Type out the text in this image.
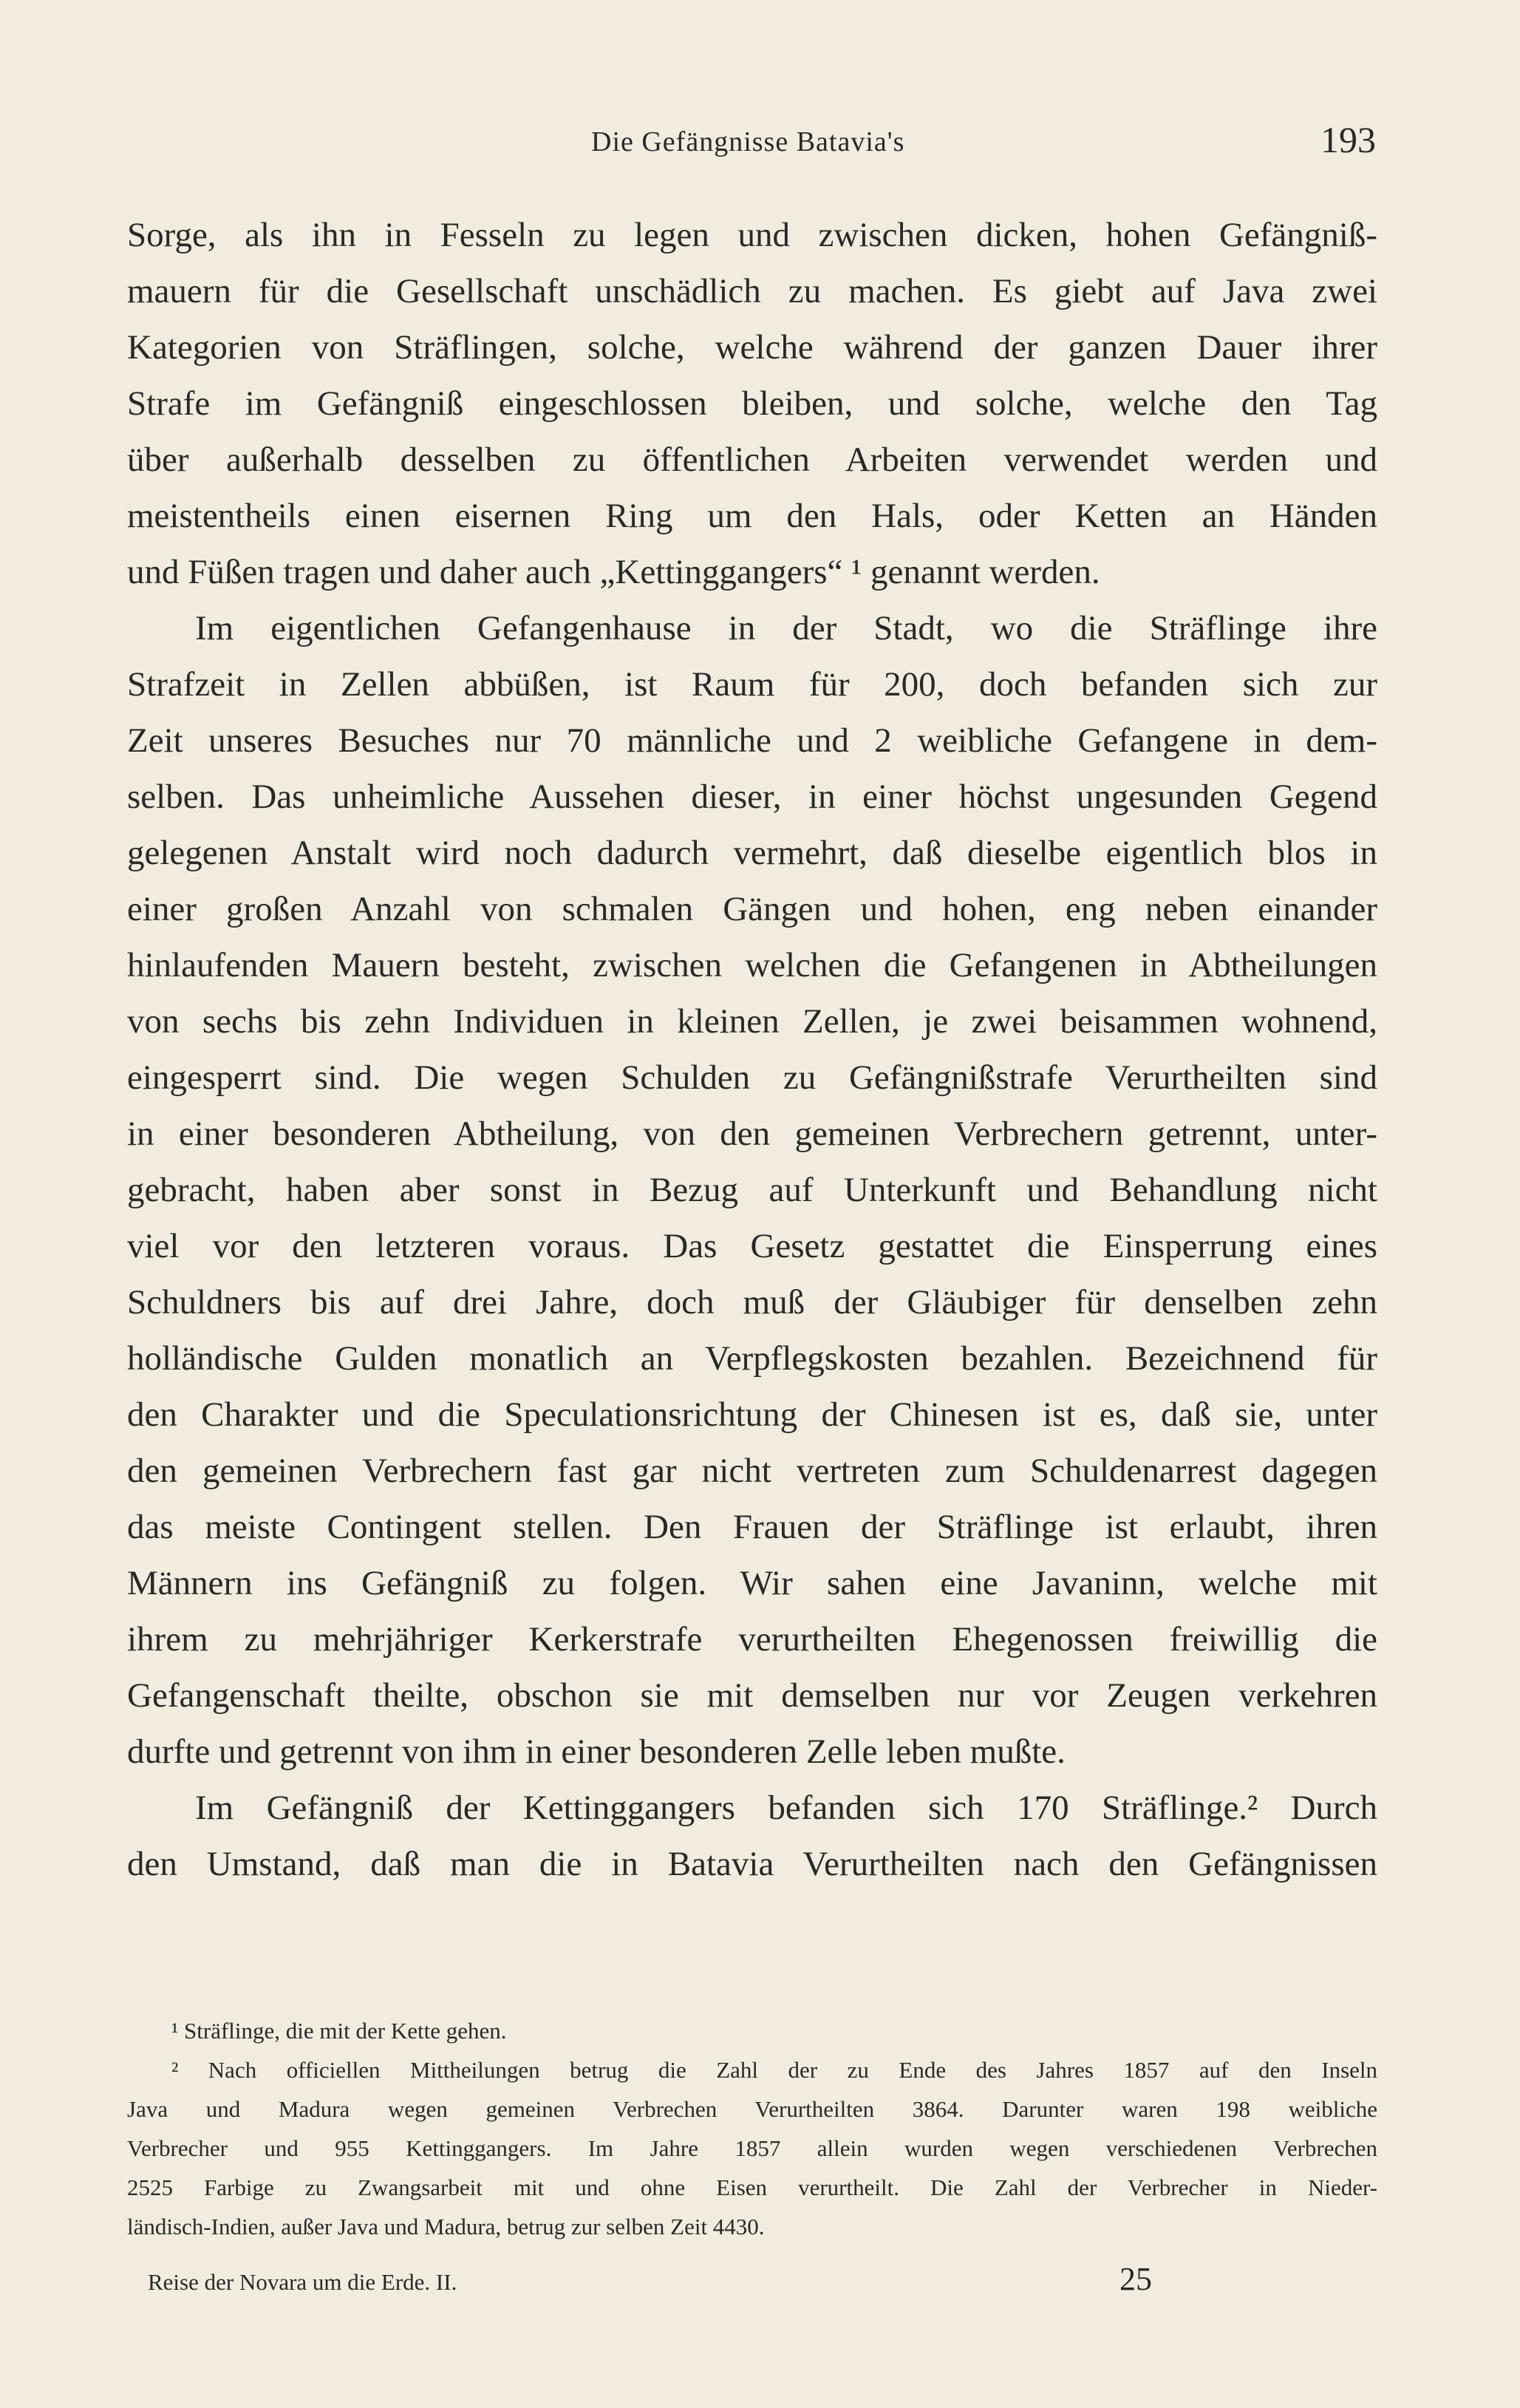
Die Gefängnisse Batavia's	193
Sorge, als ihn in Fesseln zu legen und zwischen dicken, hohen Gefängniß-
mauern für die Gesellschaft unschädlich zu machen. Es giebt auf Java zwei
Kategorien von Sträflingen, solche, welche während der ganzen Dauer ihrer
Strafe im Gefängniß eingeschlossen bleiben, und solche, welche den Tag
über außerhalb desselben zu öffentlichen Arbeiten verwendet werden und
meistentheils einen eisernen Ring um den Hals, oder Ketten an Händen
und Füßen tragen und daher auch „Kettinggangers“ ¹ genannt werden.
Im eigentlichen Gefangenhause in der Stadt, wo die Sträflinge ihre
Strafzeit in Zellen abbüßen, ist Raum für 200, doch befanden sich zur
Zeit unseres Besuches nur 70 männliche und 2 weibliche Gefangene in dem-
selben. Das unheimliche Aussehen dieser, in einer höchst ungesunden Gegend
gelegenen Anstalt wird noch dadurch vermehrt, daß dieselbe eigentlich blos in
einer großen Anzahl von schmalen Gängen und hohen, eng neben einander
hinlaufenden Mauern besteht, zwischen welchen die Gefangenen in Abtheilungen
von sechs bis zehn Individuen in kleinen Zellen, je zwei beisammen wohnend,
eingesperrt sind. Die wegen Schulden zu Gefängnißstrafe Verurtheilten sind
in einer besonderen Abtheilung, von den gemeinen Verbrechern getrennt, unter-
gebracht, haben aber sonst in Bezug auf Unterkunft und Behandlung nicht
viel vor den letzteren voraus. Das Gesetz gestattet die Einsperrung eines
Schuldners bis auf drei Jahre, doch muß der Gläubiger für denselben zehn
holländische Gulden monatlich an Verpflegskosten bezahlen. Bezeichnend für
den Charakter und die Speculationsrichtung der Chinesen ist es, daß sie, unter
den gemeinen Verbrechern fast gar nicht vertreten zum Schuldenarrest dagegen
das meiste Contingent stellen. Den Frauen der Sträflinge ist erlaubt, ihren
Männern ins Gefängniß zu folgen. Wir sahen eine Javaninn, welche mit
ihrem zu mehrjähriger Kerkerstrafe verurtheilten Ehegenossen freiwillig die
Gefangenschaft theilte, obschon sie mit demselben nur vor Zeugen verkehren
durfte und getrennt von ihm in einer besonderen Zelle leben mußte.
Im Gefängniß der Kettinggangers befanden sich 170 Sträflinge.² Durch
den Umstand, daß man die in Batavia Verurtheilten nach den Gefängnissen
¹ Sträflinge, die mit der Kette gehen.
² Nach officiellen Mittheilungen betrug die Zahl der zu Ende des Jahres 1857 auf den Inseln
Java und Madura wegen gemeinen Verbrechen Verurtheilten 3864. Darunter waren 198 weibliche
Verbrecher und 955 Kettinggangers. Im Jahre 1857 allein wurden wegen verschiedenen Verbrechen
2525 Farbige zu Zwangsarbeit mit und ohne Eisen verurtheilt. Die Zahl der Verbrecher in Nieder-
ländisch-Indien, außer Java und Madura, betrug zur selben Zeit 4430.
Reise der Novara um die Erde. II.	25
